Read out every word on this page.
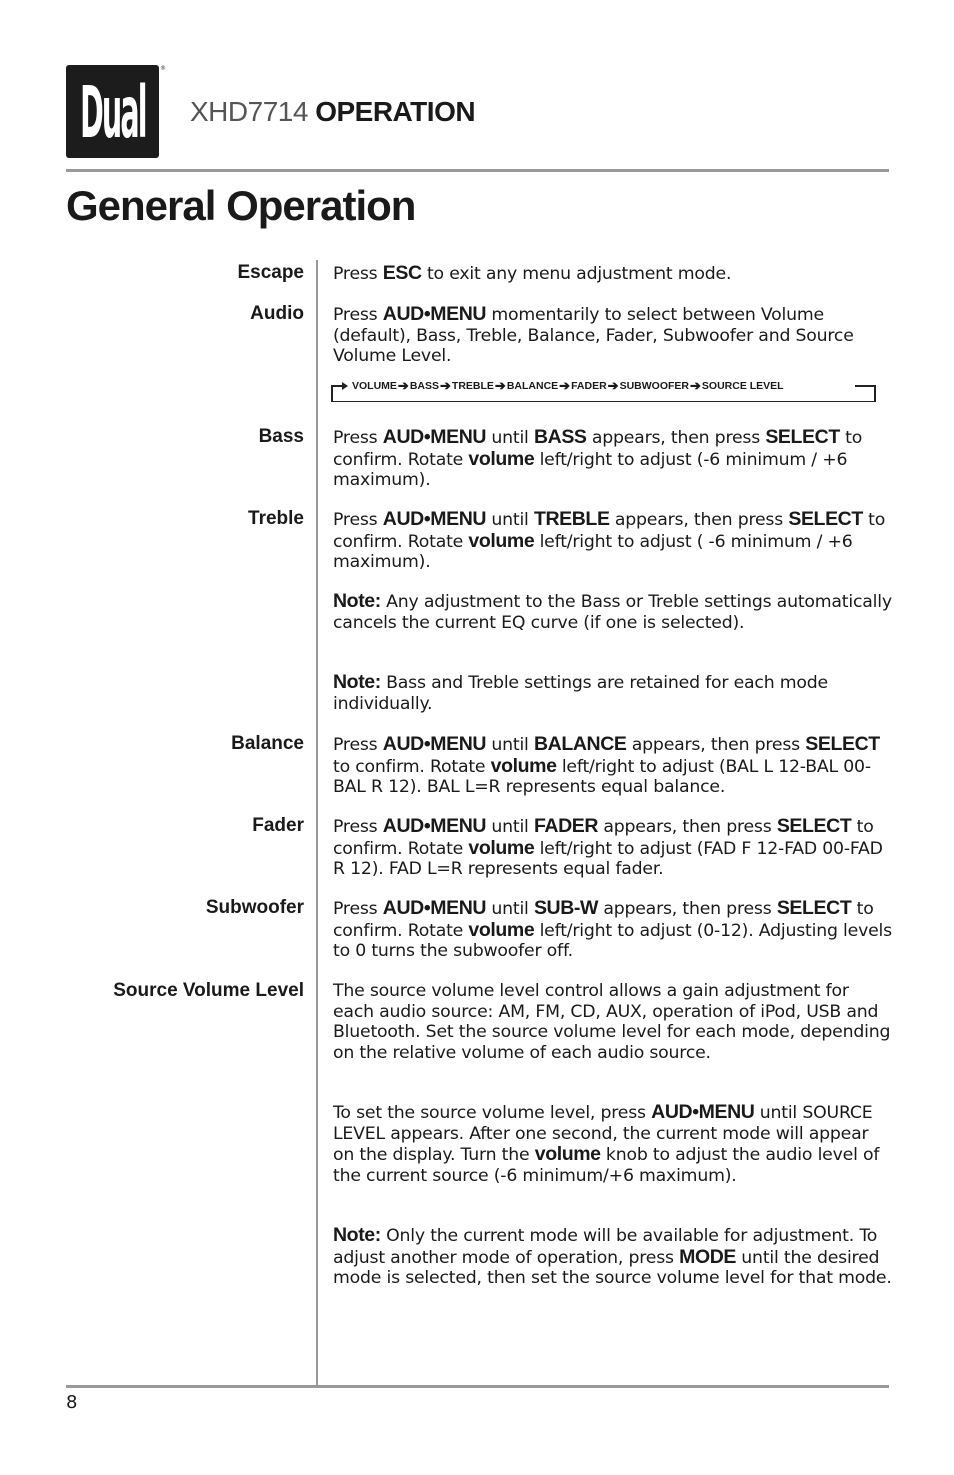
Dual
®
XHD7714 OPERATION
General Operation
Escape Press ESC to exit any menu adjustment mode.
Audio Press AUD•MENU momentarily to select between Volume (default), Bass, Treble, Balance, Fader, Subwoofer and Source Volume Level.
Bass Press AUD•MENU until BASS appears, then press SELECT to confirm. Rotate volume left/right to adjust (-6 minimum / +6 maximum).
Treble Press AUD•MENU until TREBLE appears, then press SELECT to confirm. Rotate volume left/right to adjust ( -6 minimum / +6 maximum).
Note: Any adjustment to the Bass or Treble settings automatically cancels the current EQ curve (if one is selected).
Note: Bass and Treble settings are retained for each mode individually.
Balance Press AUD•MENU until BALANCE appears, then press SELECT to confirm. Rotate volume left/right to adjust (BAL L 12-BAL 00-BAL R 12). BAL L=R represents equal balance.
Fader Press AUD•MENU until FADER appears, then press SELECT to confirm. Rotate volume left/right to adjust (FAD F 12-FAD 00-FAD R 12). FAD L=R represents equal fader.
Subwoofer Press AUD•MENU until SUB-W appears, then press SELECT to confirm. Rotate volume left/right to adjust (0-12). Adjusting levels to 0 turns the subwoofer off.
Source Volume Level The source volume level control allows a gain adjustment for each audio source: AM, FM, CD, AUX, operation of iPod, USB and Bluetooth. Set the source volume level for each mode, depending on the relative volume of each audio source.
To set the source volume level, press AUD•MENU until SOURCE LEVEL appears. After one second, the current mode will appear on the display. Turn the volume knob to adjust the audio level of the current source (-6 minimum/+6 maximum).
Note: Only the current mode will be available for adjustment. To adjust another mode of operation, press MODE until the desired mode is selected, then set the source volume level for that mode.
VOLUME ➔ BASS ➔ TREBLE ➔ BALANCE ➔ FADER ➔ SUBWOOFER ➔ SOURCE LEVEL
8
